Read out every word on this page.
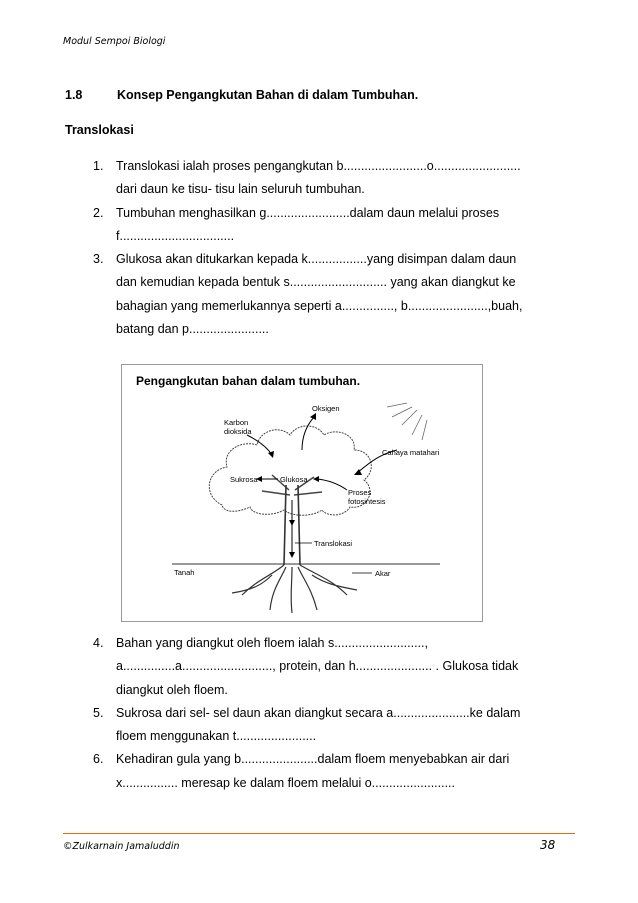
Modul Sempoi Biologi
1.8	Konsep Pengangkutan Bahan di dalam Tumbuhan.
Translokasi
1.	Translokasi ialah proses pengangkutan b........................o.........................
dari daun ke tisu- tisu lain seluruh tumbuhan.
2.	Tumbuhan menghasilkan g........................dalam daun melalui proses
f.................................
3.	Glukosa akan ditukarkan kepada k.................yang disimpan dalam daun
dan kemudian kepada bentuk s............................ yang akan diangkut ke
bahagian yang memerlukannya seperti a..............., b.......................,buah,
batang dan p.......................
Pengangkutan bahan dalam tumbuhan.
Karbon
dioksida
Oksigen
Cahaya matahari
Sukrosa	Glukosa
Proses
fotosintesis
Translokasi
Tanah	Akar
4.	Bahan yang diangkut oleh floem ialah s..........................,
a...............a.........................., protein, dan h...................... . Glukosa tidak
diangkut oleh floem.
5.	Sukrosa dari sel- sel daun akan diangkut secara a......................ke dalam
floem menggunakan t.......................
6.	Kehadiran gula yang b......................dalam floem menyebabkan air dari
x................ meresap ke dalam floem melalui o........................
©Zulkarnain Jamaluddin	38
